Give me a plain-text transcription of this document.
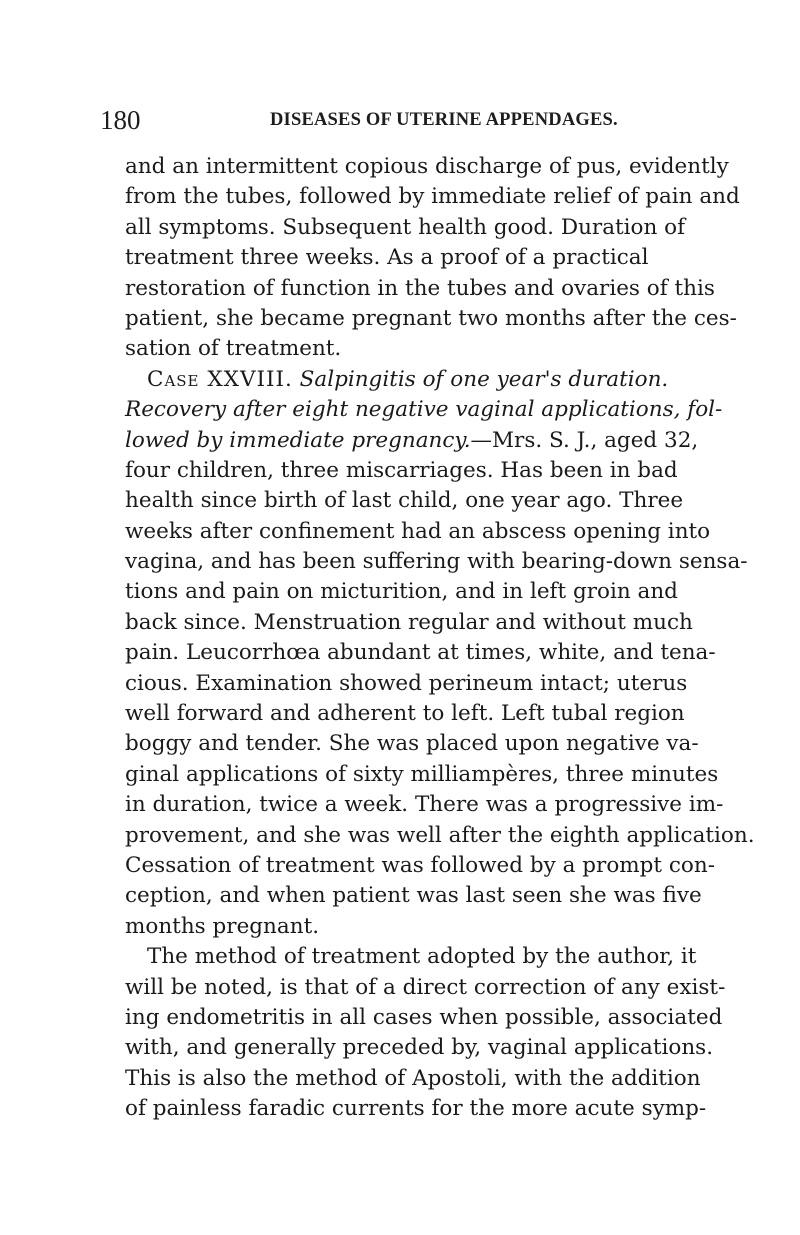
180	DISEASES OF UTERINE APPENDAGES.
and an intermittent copious discharge of pus, evidently
from the tubes, followed by immediate relief of pain and
all symptoms. Subsequent health good. Duration of
treatment three weeks. As a proof of a practical
restoration of function in the tubes and ovaries of this
patient, she became pregnant two months after the ces-
sation of treatment.
Case XXVIII. Salpingitis of one year's duration.
Recovery after eight negative vaginal applications, fol-
lowed by immediate pregnancy.—Mrs. S. J., aged 32,
four children, three miscarriages. Has been in bad
health since birth of last child, one year ago. Three
weeks after confinement had an abscess opening into
vagina, and has been suffering with bearing-down sensa-
tions and pain on micturition, and in left groin and
back since. Menstruation regular and without much
pain. Leucorrhœa abundant at times, white, and tena-
cious. Examination showed perineum intact; uterus
well forward and adherent to left. Left tubal region
boggy and tender. She was placed upon negative va-
ginal applications of sixty milliampères, three minutes
in duration, twice a week. There was a progressive im-
provement, and she was well after the eighth application.
Cessation of treatment was followed by a prompt con-
ception, and when patient was last seen she was five
months pregnant.
The method of treatment adopted by the author, it
will be noted, is that of a direct correction of any exist-
ing endometritis in all cases when possible, associated
with, and generally preceded by, vaginal applications.
This is also the method of Apostoli, with the addition
of painless faradic currents for the more acute symp-
